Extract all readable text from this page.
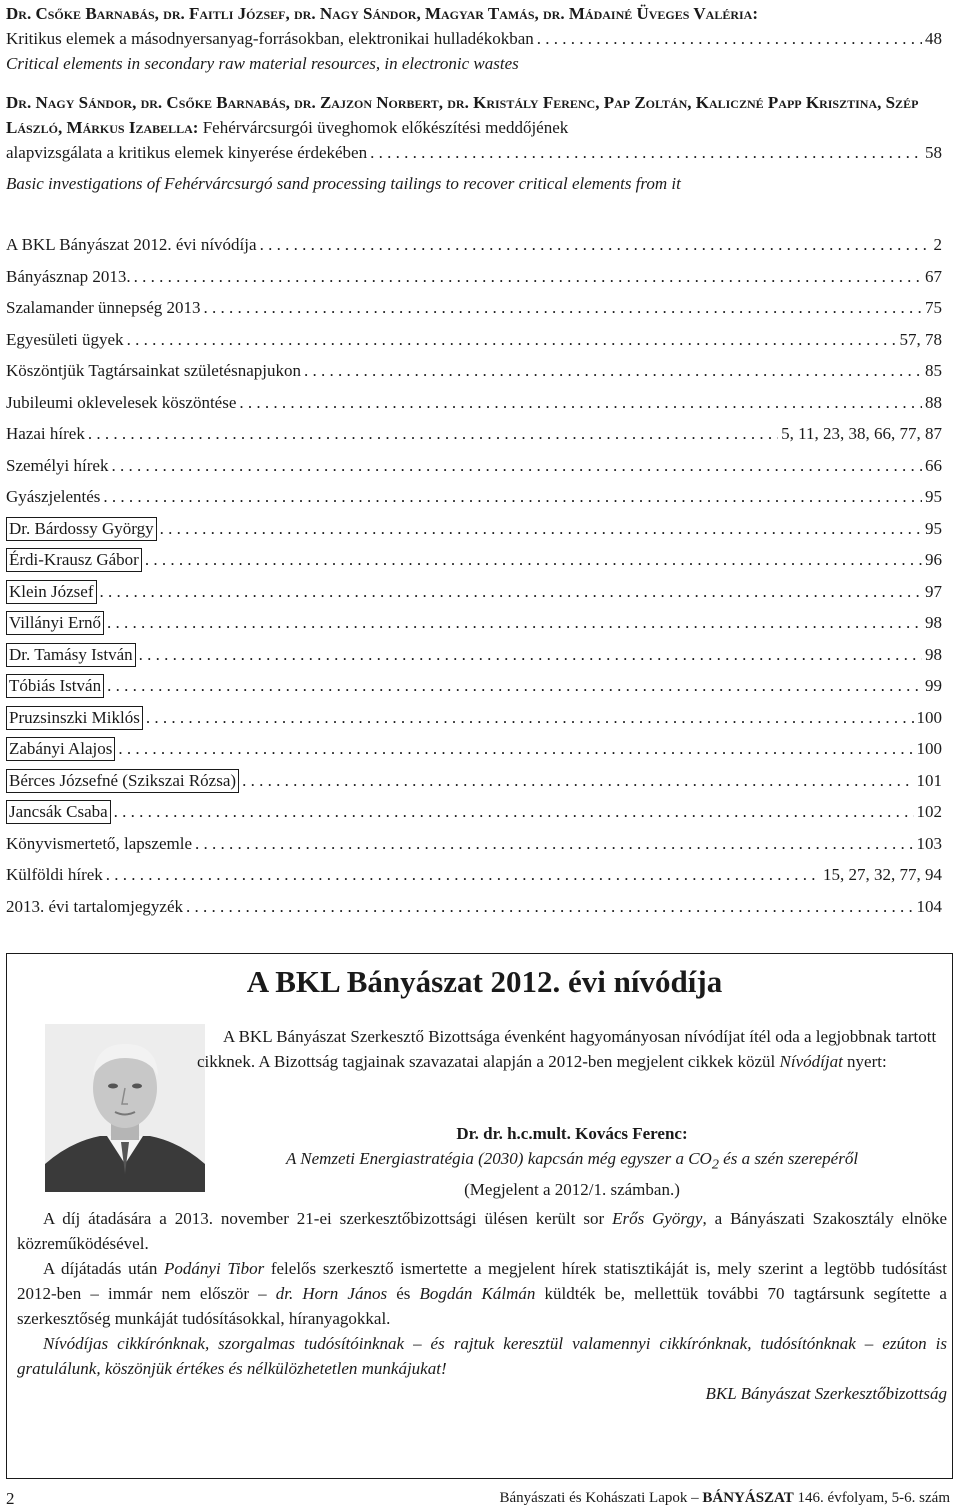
Dr. Csőke Barnabás, dr. Faitli József, dr. Nagy Sándor, Magyar Tamás, dr. Mádainé Üveges Valéria:
Kritikus elemek a másodnyersanyag-forrásokban, elektronikai hulladékokban . . .	48
Critical elements in secondary raw material resources, in electronic wastes
Dr. Nagy Sándor, dr. Csőke Barnabás, dr. Zajzon Norbert, dr. Kristály Ferenc, Pap Zoltán, Kaliczné Papp Krisztina, Szép László, Márkus Izabella: Fehérvárcsurgói üveghomok előkészítési meddőjének
alapvizsgálata a kritikus elemek kinyerése érdekében . . .	58
Basic investigations of Fehérvárcsurgó sand processing tailings to recover critical elements from it
A BKL Bányászat 2012. évi nívódíja . . .	2
Bányásznap 2013. . . .	67
Szalamander ünnepség 2013 . . .	75
Egyesületi ügyek . . .	57, 78
Köszöntjük Tagtársainkat születésnapjukon . . .	85
Jubileumi oklevelesek köszöntése . . .	88
Hazai hírek . . .	5, 11, 23, 38, 66, 77, 87
Személyi hírek . . .	66
Gyászjelentés . . .	95
Dr. Bárdossy György . . .	95
Érdi-Krausz Gábor . . .	96
Klein József . . .	97
Villányi Ernő . . .	98
Dr. Tamásy István . . .	98
Tóbiás István . . .	99
Pruzsinszki Miklós . . .	100
Zabányi Alajos . . .	100
Bérces Józsefné (Szikszai Rózsa) . . .	101
Jancsák Csaba . . .	102
Könyvismertető, lapszemle . . .	103
Külföldi hírek . . .	15, 27, 32, 77, 94
2013. évi tartalomjegyzék . . .	104
A BKL Bányászat 2012. évi nívódíja
A BKL Bányászat Szerkesztő Bizottsága évenként hagyományosan nívódíjat ítél oda a legjobbnak tartott cikknek. A Bizottság tagjainak szavazatai alapján a 2012-ben megjelent cikkek közül Nívódíjat nyert:
Dr. dr. h.c.mult. Kovács Ferenc:
A Nemzeti Energiastratégia (2030) kapcsán még egyszer a $CO_2$ és a szén szerepéről
(Megjelent a 2012/1. számban.)

A díj átadására a 2013. november 21-ei szerkesztőbizottsági ülésen került sor Erős György, a Bányászati Szakosztály elnöke közreműködésével.

A díjátadás után Podányi Tibor felelős szerkesztő ismertette a megjelent hírek statisztikáját is, mely szerint a legtöbb tudósítást 2012-ben – immár nem először – dr. Horn János és Bogdán Kálmán küldték be, mellettük további 70 tagtársunk segítette a szerkesztőség munkáját tudósításokkal, híranyagokkal.

Nívódíjas cikkírónknak, szorgalmas tudósítóinknak – és rajtuk keresztül valamennyi cikkírónknak, tudósítónknak – ezúton is gratulálunk, köszönjük értékes és nélkülözhetetlen munkájukat!

BKL Bányászat Szerkesztőbizottság
2	Bányászati és Kohászati Lapok – BÁNYÁSZAT 146. évfolyam, 5-6. szám
